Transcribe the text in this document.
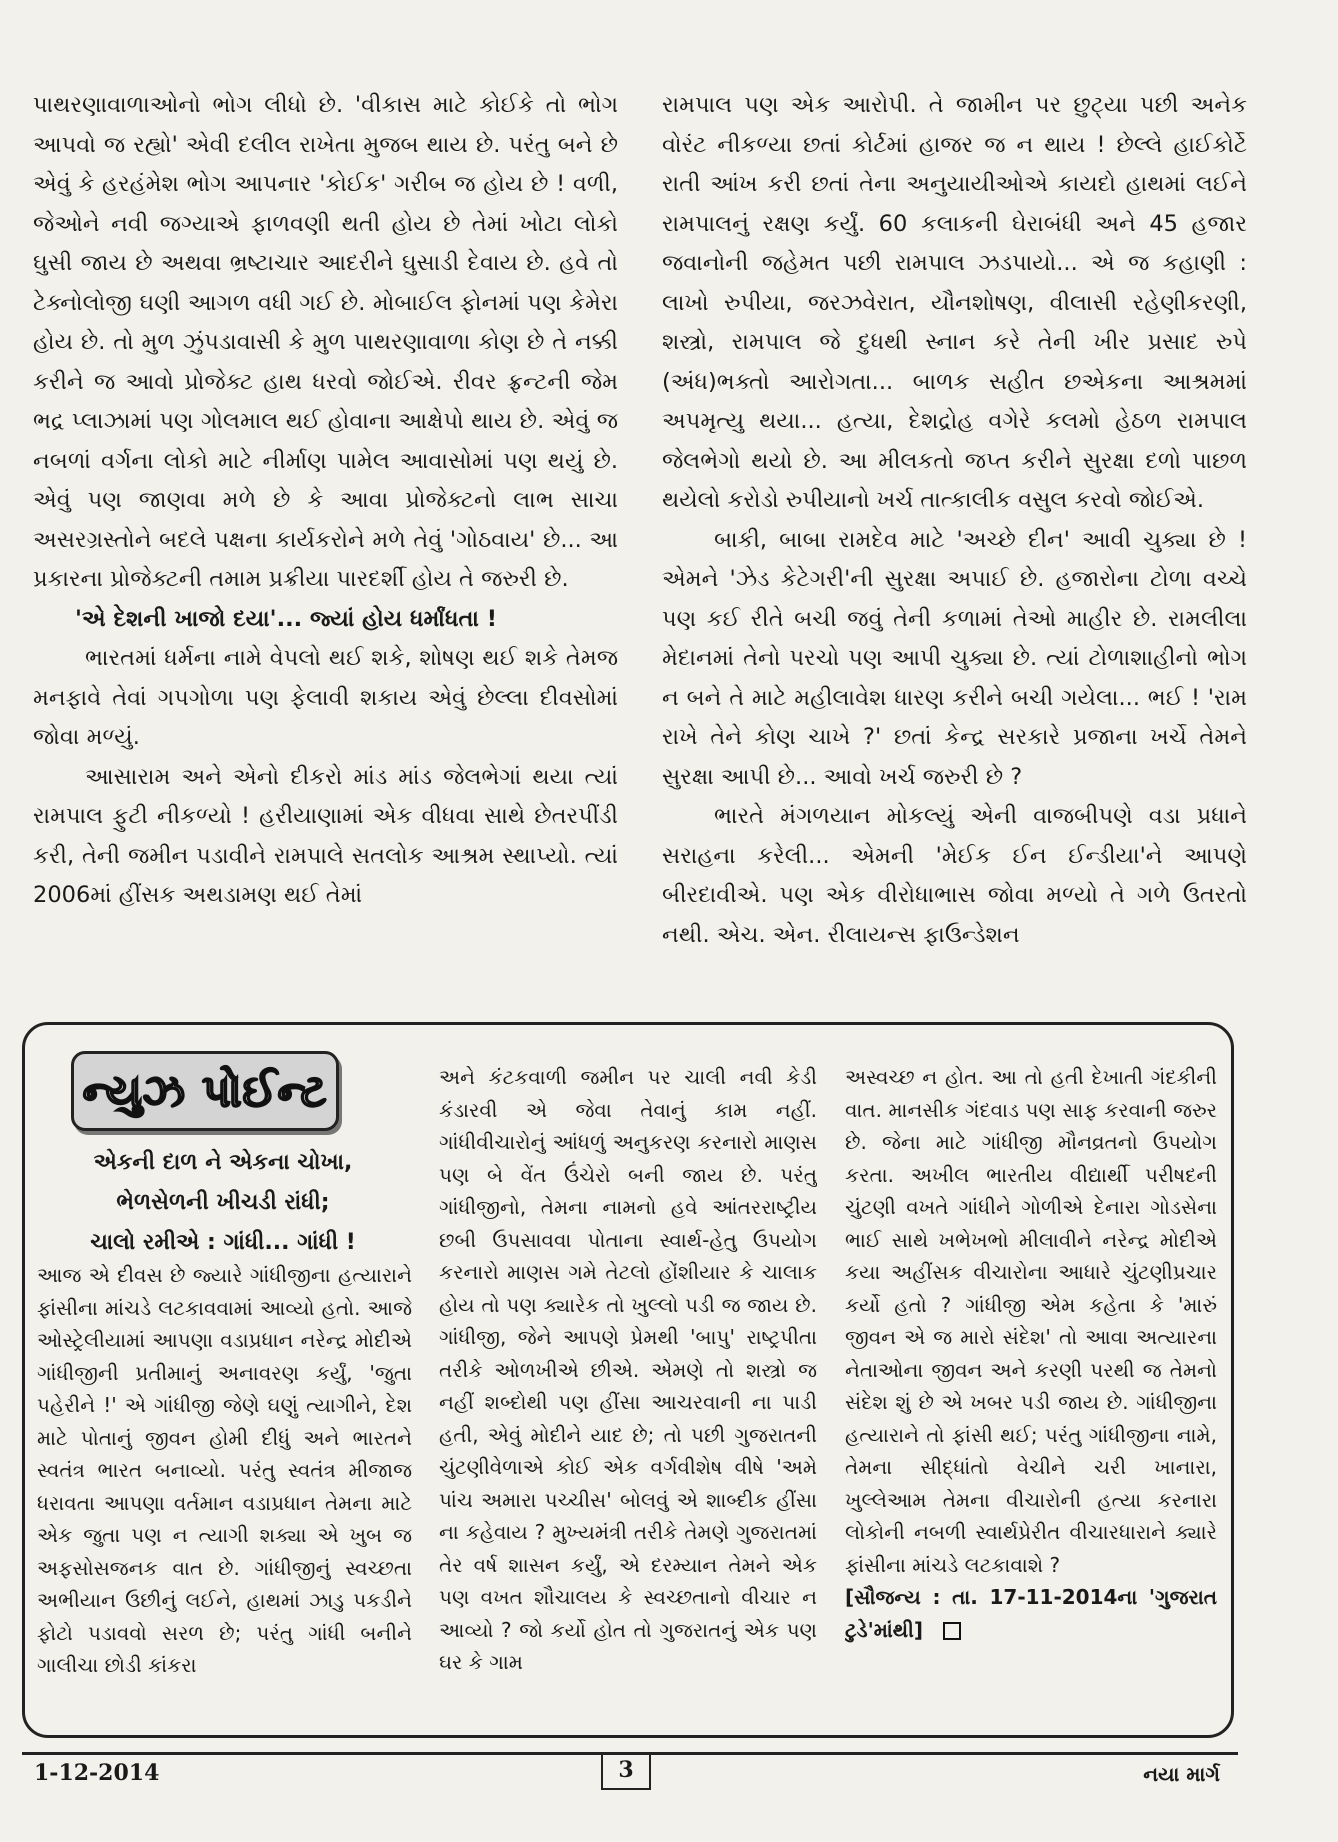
પાથરણાવાળાઓનો ભોગ લીધો છે. 'વીકાસ માટે કોઈકે તો ભોગ આપવો જ રહ્યો' એવી દલીલ રાખેતા મુજબ થાય છે. પરંતુ બને છે એવું કે હરહંમેશ ભોગ આપનાર 'કોઈક' ગરીબ જ હોય છે ! વળી, જેઓને નવી જગ્યાએ ફાળવણી થતી હોય છે તેમાં ખોટા લોકો ઘુસી જાય છે અથવા ભ્રષ્ટાચાર આદરીને ઘુસાડી દેવાય છે. હવે તો ટેક્નોલોજી ઘણી આગળ વધી ગઈ છે. મોબાઈલ ફોનમાં પણ કેમેરા હોય છે. તો મુળ ઝુંપડાવાસી કે મુળ પાથરણાવાળા કોણ છે તે નક્કી કરીને જ આવો પ્રોજેક્ટ હાથ ધરવો જોઈએ. રીવર ફ્રન્ટની જેમ ભદ્ર પ્લાઝામાં પણ ગોલમાલ થઈ હોવાના આક્ષેપો થાય છે. એવું જ નબળાં વર્ગના લોકો માટે નીર્માણ પામેલ આવાસોમાં પણ થયું છે. એવું પણ જાણવા મળે છે કે આવા પ્રોજેક્ટનો લાભ સાચા અસરગ્રસ્તોને બદલે પક્ષના કાર્યકરોને મળે તેવું 'ગોઠવાય' છે... આ પ્રકારના પ્રોજેક્ટની તમામ પ્રક્રીયા પારદર્શી હોય તે જરુરી છે.

'એ દેશની ખાજો દયા'... જ્યાં હોય ધર્માંધતા !

ભારતમાં ધર્મના નામે વેપલો થઈ શકે, શોષણ થઈ શકે તેમજ મનફાવે તેવાં ગપગોળા પણ ફેલાવી શકાય એવું છેલ્લા દીવસોમાં જોવા મળ્યું.

આસારામ અને એનો દીકરો માંડ માંડ જેલભેગાં થયા ત્યાં રામપાલ ફુટી નીકળ્યો ! હરીયાણામાં એક વીધવા સાથે છેતરપીંડી કરી, તેની જમીન પડાવીને રામપાલે સતલોક આશ્રમ સ્થાપ્યો. ત્યાં 2006માં હીંસક અથડામણ થઈ તેમાં

રામપાલ પણ એક આરોપી. તે જામીન પર છુટ્યા પછી અનેક વોરંટ નીકળ્યા છતાં કોર્ટમાં હાજર જ ન થાય ! છેલ્લે હાઈકોર્ટે રાતી આંખ કરી છતાં તેના અનુયાયીઓએ કાયદો હાથમાં લઈને રામપાલનું રક્ષણ કર્યું. 60 કલાકની ઘેરાબંધી અને 45 હજાર જવાનોની જહેમત પછી રામપાલ ઝડપાયો... એ જ કહાણી : લાખો રુપીયા, જરઝવેરાત, યૌનશોષણ, વીલાસી રહેણીકરણી, શસ્ત્રો, રામપાલ જે દુધથી સ્નાન કરે તેની ખીર પ્રસાદ રુપે (અંધ)ભક્તો આરોગતા... બાળક સહીત છએકના આશ્રમમાં અપમૃત્યુ થયા... હત્યા, દેશદ્રોહ વગેરે કલમો હેઠળ રામપાલ જેલભેગો થયો છે. આ મીલકતો જપ્ત કરીને સુરક્ષા દળો પાછળ થયેલો કરોડો રુપીયાનો ખર્ચ તાત્કાલીક વસુલ કરવો જોઈએ.

બાકી, બાબા રામદેવ માટે 'અચ્છે દીન' આવી ચુક્યા છે ! એમને 'ઝેડ કેટેગરી'ની સુરક્ષા અપાઈ છે. હજારોના ટોળા વચ્ચે પણ કઈ રીતે બચી જવું તેની કળામાં તેઓ માહીર છે. રામલીલા મેદાનમાં તેનો પરચો પણ આપી ચુક્યા છે. ત્યાં ટોળાશાહીનો ભોગ ન બને તે માટે મહીલાવેશ ધારણ કરીને બચી ગયેલા... ભઈ ! 'રામ રાખે તેને કોણ ચાખે ?' છતાં કેન્દ્ર સરકારે પ્રજાના ખર્ચે તેમને સુરક્ષા આપી છે... આવો ખર્ચ જરુરી છે ?

ભારતે મંગળયાન મોકલ્યું એની વાજબીપણે વડા પ્રધાને સરાહના કરેલી... એમની 'મેઈક ઈન ઈન્ડીયા'ને આપણે બીરદાવીએ. પણ એક વીરોધાભાસ જોવા મળ્યો તે ગળે ઉતરતો નથી. એચ. એન. રીલાયન્સ ફાઉન્ડેશન

ન્યુઝ પોઈન્ટ
એકની દાળ ને એકના ચોખા,
ભેળસેળની ખીચડી રાંધી;
ચાલો રમીએ : ગાંધી... ગાંધી !

આજ એ દીવસ છે જ્યારે ગાંધીજીના હત્યારાને ફાંસીના માંચડે લટકાવવામાં આવ્યો હતો. આજે ઓસ્ટ્રેલીયામાં આપણા વડાપ્રધાન નરેન્દ્ર મોદીએ ગાંધીજીની પ્રતીમાનું અનાવરણ કર્યું, 'જુતા પહેરીને !' એ ગાંધીજી જેણે ઘણું ત્યાગીને, દેશ માટે પોતાનું જીવન હોમી દીધું અને ભારતને સ્વતંત્ર ભારત બનાવ્યો. પરંતુ સ્વતંત્ર મીજાજ ધરાવતા આપણા વર્તમાન વડાપ્રધાન તેમના માટે એક જુતા પણ ન ત્યાગી શક્યા એ ખુબ જ અફસોસજનક વાત છે. ગાંધીજીનું સ્વચ્છતા અભીયાન ઉછીનું લઈને, હાથમાં ઝાડુ પકડીને ફોટો પડાવવો સરળ છે; પરંતુ ગાંધી બનીને ગાલીચા છોડી કાંકરા

અને કંટકવાળી જમીન પર ચાલી નવી કેડી કંડારવી એ જેવા તેવાનું કામ નહીં. ગાંધીવીચારોનું આંધળું અનુકરણ કરનારો માણસ પણ બે વેંત ઉંચેરો બની જાય છે. પરંતુ ગાંધીજીનો, તેમના નામનો હવે આંતરરાષ્ટ્રીય છબી ઉપસાવવા પોતાના સ્વાર્થ-હેતુ ઉપયોગ કરનારો માણસ ગમે તેટલો હોંશીયાર કે ચાલાક હોય તો પણ ક્યારેક તો ખુલ્લો પડી જ જાય છે. ગાંધીજી, જેને આપણે પ્રેમથી 'બાપુ' રાષ્ટ્રપીતા તરીકે ઓળખીએ છીએ. એમણે તો શસ્ત્રો જ નહીં શબ્દોથી પણ હીંસા આચરવાની ના પાડી હતી, એવું મોદીને યાદ છે; તો પછી ગુજરાતની ચુંટણીવેળાએ કોઈ એક વર્ગવીશેષ વીષે 'અમે પાંચ અમારા પચ્ચીસ' બોલવું એ શાબ્દીક હીંસા ના કહેવાય ? મુખ્યમંત્રી તરીકે તેમણે ગુજરાતમાં તેર વર્ષ શાસન કર્યું, એ દરમ્યાન તેમને એક પણ વખત શૌચાલય કે સ્વચ્છતાનો વીચાર ન આવ્યો ? જો કર્યો હોત તો ગુજરાતનું એક પણ ઘર કે ગામ

અસ્વચ્છ ન હોત. આ તો હતી દેખાતી ગંદકીની વાત. માનસીક ગંદવાડ પણ સાફ કરવાની જરુર છે. જેના માટે ગાંધીજી મૌનવ્રતનો ઉપયોગ કરતા. અખીલ ભારતીય વીદ્યાર્થી પરીષદની ચુંટણી વખતે ગાંધીને ગોળીએ દેનારા ગોડસેના ભાઈ સાથે ખભેખભો મીલાવીને નરેન્દ્ર મોદીએ કયા અહીંસક વીચારોના આધારે ચુંટણીપ્રચાર કર્યો હતો ? ગાંધીજી એમ કહેતા કે 'મારું જીવન એ જ મારો સંદેશ' તો આવા અત્યારના નેતાઓના જીવન અને કરણી પરથી જ તેમનો સંદેશ શું છે એ ખબર પડી જાય છે. ગાંધીજીના હત્યારાને તો ફાંસી થઈ; પરંતુ ગાંધીજીના નામે, તેમના સીદ્ધાંતો વેચીને ચરી ખાનારા, ખુલ્લેઆમ તેમના વીચારોની હત્યા કરનારા લોકોની નબળી સ્વાર્થપ્રેરીત વીચારધારાને ક્યારે ફાંસીના માંચડે લટકાવાશે ?

[સૌજન્ય : તા. 17-11-2014ના 'ગુજરાત ટુડે'માંથી]

1-12-2014	3	નયા માર્ગ
